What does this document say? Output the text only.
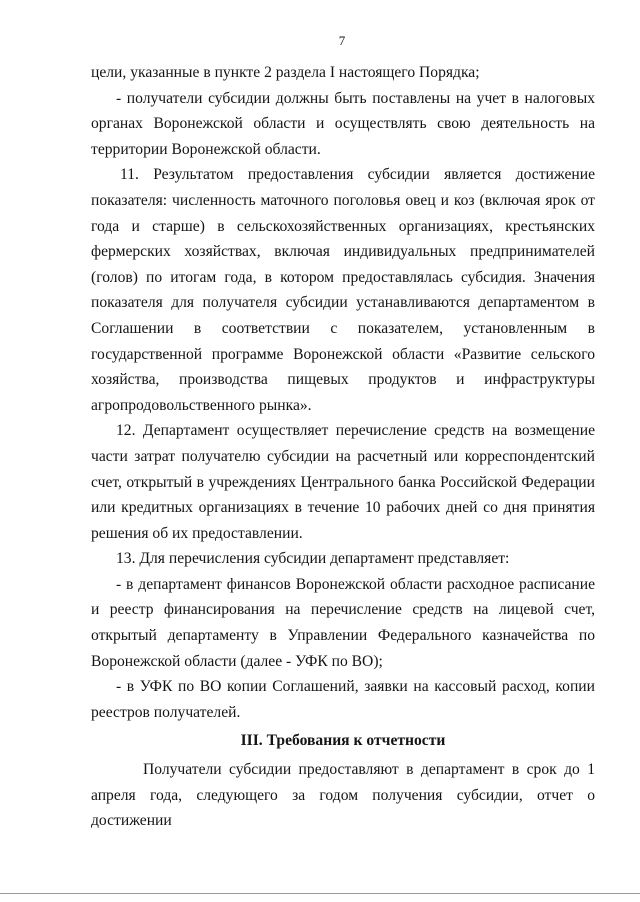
7

цели, указанные в пункте 2 раздела I настоящего Порядка;

- получатели субсидии должны быть поставлены на учет в налоговых органах Воронежской области и осуществлять свою деятельность на территории Воронежской области.

11. Результатом предоставления субсидии является достижение показателя: численность маточного поголовья овец и коз (включая ярок от года и старше) в сельскохозяйственных организациях, крестьянских фермерских хозяйствах, включая индивидуальных предпринимателей (голов) по итогам года, в котором предоставлялась субсидия. Значения показателя для получателя субсидии устанавливаются департаментом в Соглашении в соответствии с показателем, установленным в государственной программе Воронежской области «Развитие сельского хозяйства, производства пищевых продуктов и инфраструктуры агропродовольственного рынка».

12. Департамент осуществляет перечисление средств на возмещение части затрат получателю субсидии на расчетный или корреспондентский счет, открытый в учреждениях Центрального банка Российской Федерации или кредитных организациях в течение 10 рабочих дней со дня принятия решения об их предоставлении.

13. Для перечисления субсидии департамент представляет:

- в департамент финансов Воронежской области расходное расписание и реестр финансирования на перечисление средств на лицевой счет, открытый департаменту в Управлении Федерального казначейства по Воронежской области (далее - УФК по ВО);

- в УФК по ВО копии Соглашений, заявки на кассовый расход, копии реестров получателей.

III. Требования к отчетности

Получатели субсидии предоставляют в департамент в срок до 1 апреля года, следующего за годом получения субсидии, отчет о достижении
